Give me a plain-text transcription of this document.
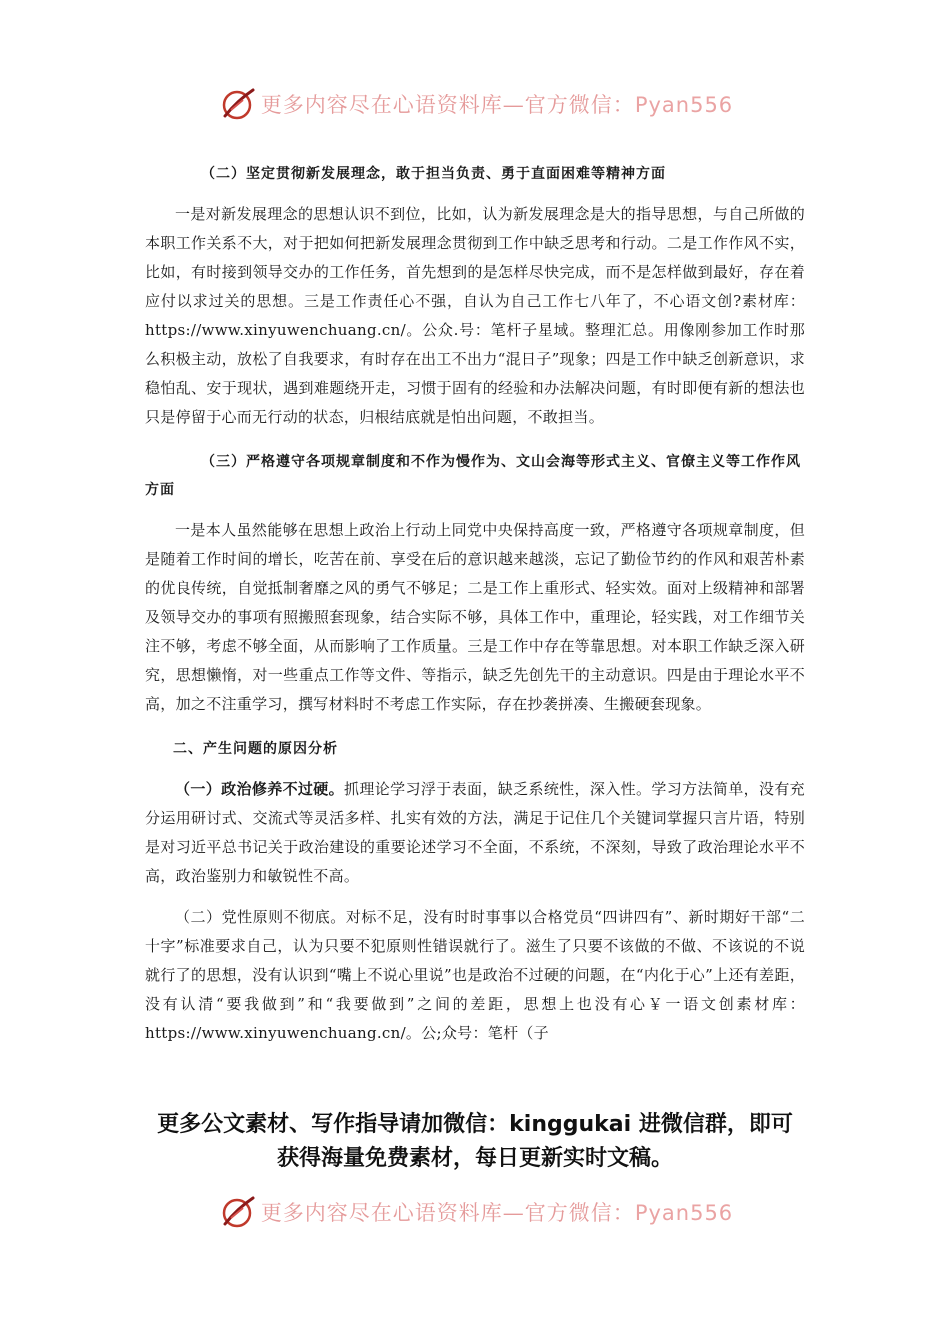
更多内容尽在心语资料库—官方微信：Pyan556

（二）坚定贯彻新发展理念，敢于担当负责、勇于直面困难等精神方面

一是对新发展理念的思想认识不到位，比如，认为新发展理念是大的指导思想，与自己所做的本职工作关系不大，对于把如何把新发展理念贯彻到工作中缺乏思考和行动。二是工作作风不实，比如，有时接到领导交办的工作任务，首先想到的是怎样尽快完成，而不是怎样做到最好，存在着应付以求过关的思想。三是工作责任心不强，自认为自己工作七八年了，不心语文创?素材库：https://www.xinyuwenchuang.cn/。公众.号：笔杆子星域。整理汇总。用像刚参加工作时那么积极主动，放松了自我要求，有时存在出工不出力“混日子”现象；四是工作中缺乏创新意识，求稳怕乱、安于现状，遇到难题绕开走，习惯于固有的经验和办法解决问题，有时即便有新的想法也只是停留于心而无行动的状态，归根结底就是怕出问题，不敢担当。

（三）严格遵守各项规章制度和不作为慢作为、文山会海等形式主义、官僚主义等工作作风方面

一是本人虽然能够在思想上政治上行动上同党中央保持高度一致，严格遵守各项规章制度，但是随着工作时间的增长，吃苦在前、享受在后的意识越来越淡，忘记了勤俭节约的作风和艰苦朴素的优良传统，自觉抵制奢靡之风的勇气不够足；二是工作上重形式、轻实效。面对上级精神和部署及领导交办的事项有照搬照套现象，结合实际不够，具体工作中，重理论，轻实践，对工作细节关注不够，考虑不够全面，从而影响了工作质量。三是工作中存在等靠思想。对本职工作缺乏深入研究，思想懒惰，对一些重点工作等文件、等指示，缺乏先创先干的主动意识。四是由于理论水平不高，加之不注重学习，撰写材料时不考虑工作实际，存在抄袭拼凑、生搬硬套现象。

二、产生问题的原因分析

（一）政治修养不过硬。抓理论学习浮于表面，缺乏系统性，深入性。学习方法简单，没有充分运用研讨式、交流式等灵活多样、扎实有效的方法，满足于记住几个关键词掌握只言片语，特别是对习近平总书记关于政治建设的重要论述学习不全面，不系统，不深刻，导致了政治理论水平不高，政治鉴别力和敏锐性不高。

（二）党性原则不彻底。对标不足，没有时时事事以合格党员“四讲四有”、新时期好干部“二十字”标准要求自己，认为只要不犯原则性错误就行了。滋生了只要不该做的不做、不该说的不说就行了的思想，没有认识到“嘴上不说心里说”也是政治不过硬的问题，在“内化于心”上还有差距，没有认清“要我做到”和“我要做到”之间的差距，思想上也没有心￥一语文创素材库：https://www.xinyuwenchuang.cn/。公;众号：笔杆（子

更多公文素材、写作指导请加微信：kinggukai 进微信群，即可
获得海量免费素材，每日更新实时文稿。
更多内容尽在心语资料库—官方微信：Pyan556
